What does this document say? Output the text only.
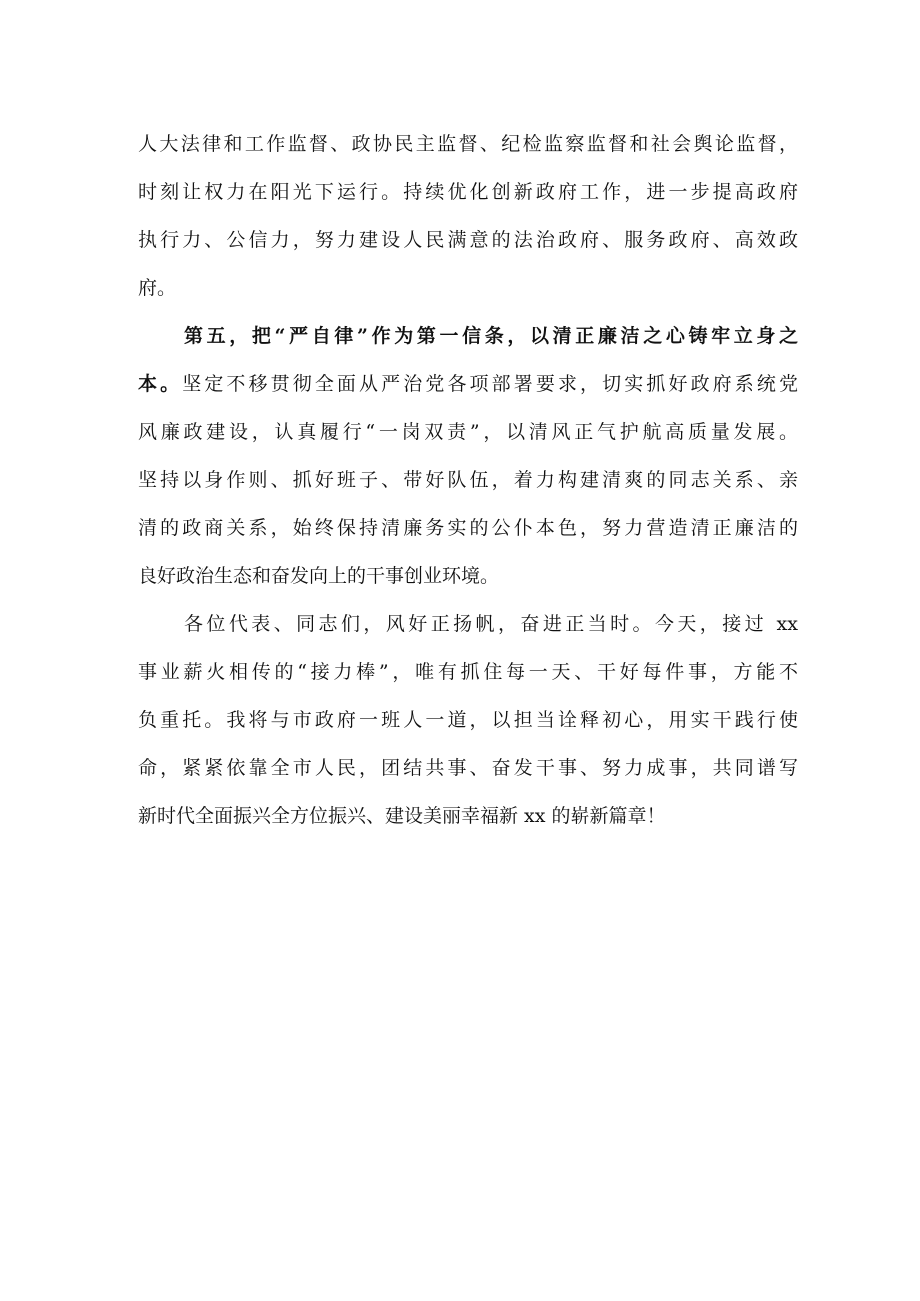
人大法律和工作监督、政协民主监督、纪检监察监督和社会舆论监督，
时刻让权力在阳光下运行。持续优化创新政府工作，进一步提高政府
执行力、公信力，努力建设人民满意的法治政府、服务政府、高效政
府。
第五，把“严自律”作为第一信条，以清正廉洁之心铸牢立身之
本。坚定不移贯彻全面从严治党各项部署要求，切实抓好政府系统党
风廉政建设，认真履行“一岗双责”，以清风正气护航高质量发展。
坚持以身作则、抓好班子、带好队伍，着力构建清爽的同志关系、亲
清的政商关系，始终保持清廉务实的公仆本色，努力营造清正廉洁的
良好政治生态和奋发向上的干事创业环境。
各位代表、同志们，风好正扬帆，奋进正当时。今天，接过 xx
事业薪火相传的“接力棒”，唯有抓住每一天、干好每件事，方能不
负重托。我将与市政府一班人一道，以担当诠释初心，用实干践行使
命，紧紧依靠全市人民，团结共事、奋发干事、努力成事，共同谱写
新时代全面振兴全方位振兴、建设美丽幸福新 xx 的崭新篇章！
